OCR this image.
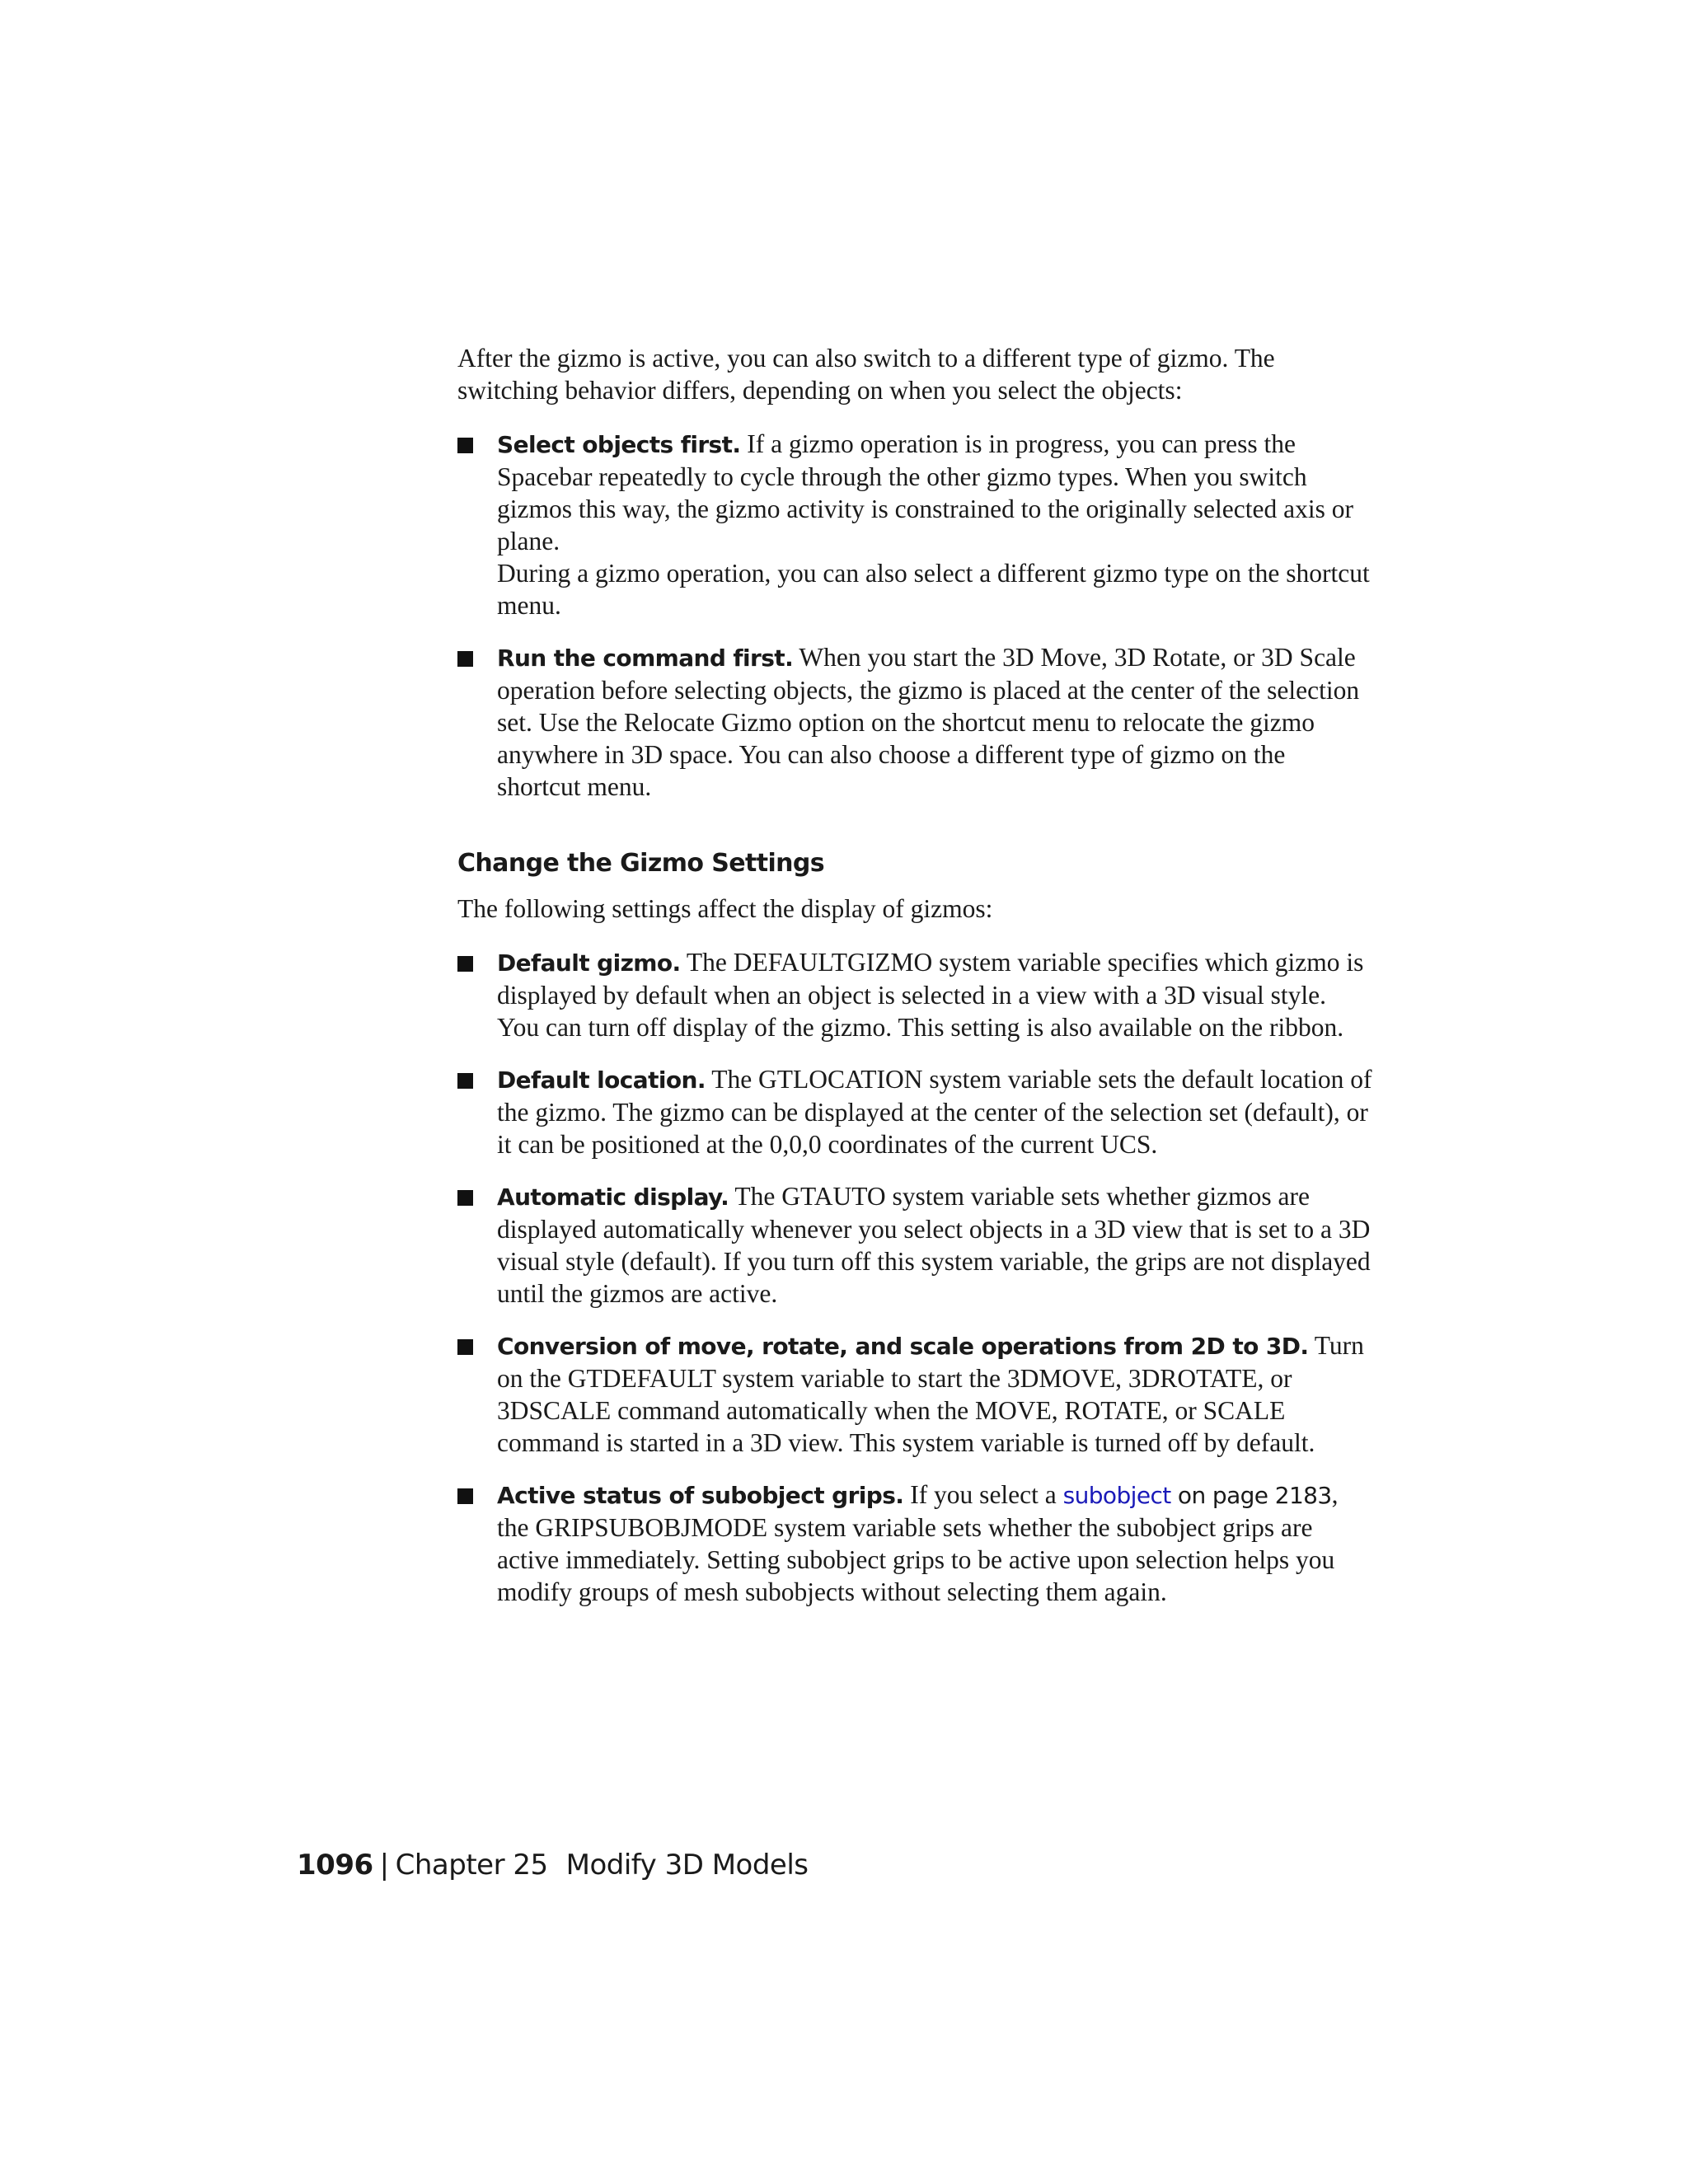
After the gizmo is active, you can also switch to a different type of gizmo. The switching behavior differs, depending on when you select the objects:

Select objects first. If a gizmo operation is in progress, you can press the Spacebar repeatedly to cycle through the other gizmo types. When you switch gizmos this way, the gizmo activity is constrained to the originally selected axis or plane.
During a gizmo operation, you can also select a different gizmo type on the shortcut menu.
Run the command first. When you start the 3D Move, 3D Rotate, or 3D Scale operation before selecting objects, the gizmo is placed at the center of the selection set. Use the Relocate Gizmo option on the shortcut menu to relocate the gizmo anywhere in 3D space. You can also choose a different type of gizmo on the shortcut menu.
Change the Gizmo Settings

The following settings affect the display of gizmos:

Default gizmo. The DEFAULTGIZMO system variable specifies which gizmo is displayed by default when an object is selected in a view with a 3D visual style. You can turn off display of the gizmo. This setting is also available on the ribbon.
Default location. The GTLOCATION system variable sets the default location of the gizmo. The gizmo can be displayed at the center of the selection set (default), or it can be positioned at the 0,0,0 coordinates of the current UCS.
Automatic display. The GTAUTO system variable sets whether gizmos are displayed automatically whenever you select objects in a 3D view that is set to a 3D visual style (default). If you turn off this system variable, the grips are not displayed until the gizmos are active.
Conversion of move, rotate, and scale operations from 2D to 3D. Turn on the GTDEFAULT system variable to start the 3DMOVE, 3DROTATE, or 3DSCALE command automatically when the MOVE, ROTATE, or SCALE command is started in a 3D view. This system variable is turned off by default.
Active status of subobject grips. If you select a subobject on page 2183, the GRIPSUBOBJMODE system variable sets whether the subobject grips are active immediately. Setting subobject grips to be active upon selection helps you modify groups of mesh subobjects without selecting them again.
1096 | Chapter 25 Modify 3D Models
